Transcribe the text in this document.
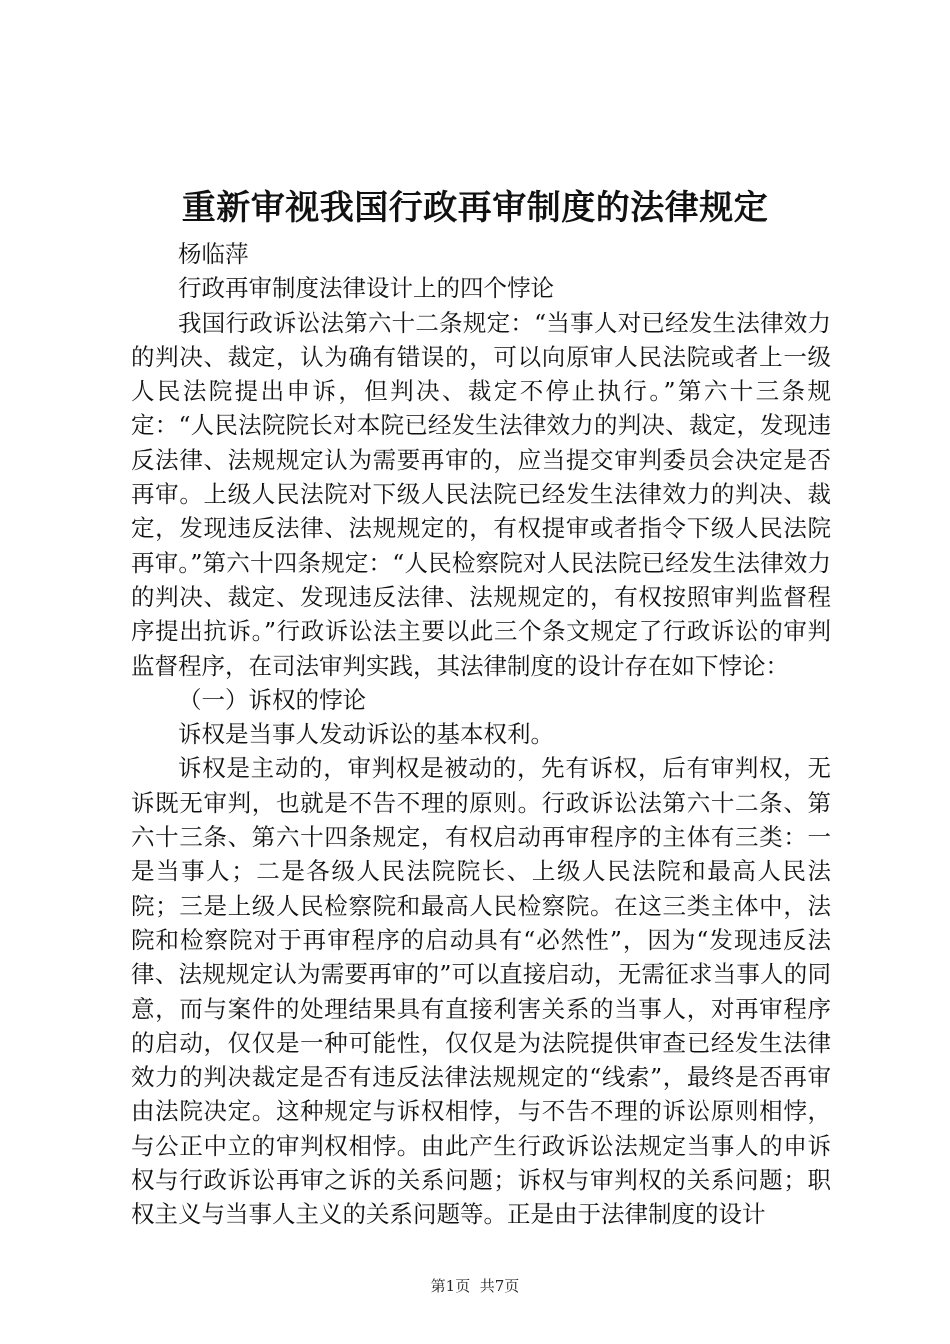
重新审视我国行政再审制度的法律规定

杨临萍

行政再审制度法律设计上的四个悖论

我国行政诉讼法第六十二条规定：“当事人对已经发生法律效力的判决、裁定，认为确有错误的，可以向原审人民法院或者上一级人民法院提出申诉，但判决、裁定不停止执行。”第六十三条规定：“人民法院院长对本院已经发生法律效力的判决、裁定，发现违反法律、法规规定认为需要再审的，应当提交审判委员会决定是否再审。上级人民法院对下级人民法院已经发生法律效力的判决、裁定，发现违反法律、法规规定的，有权提审或者指令下级人民法院再审。”第六十四条规定：“人民检察院对人民法院已经发生法律效力的判决、裁定、发现违反法律、法规规定的，有权按照审判监督程序提出抗诉。”行政诉讼法主要以此三个条文规定了行政诉讼的审判监督程序，在司法审判实践，其法律制度的设计存在如下悖论：

（一）诉权的悖论

诉权是当事人发动诉讼的基本权利。

诉权是主动的，审判权是被动的，先有诉权，后有审判权，无诉既无审判，也就是不告不理的原则。行政诉讼法第六十二条、第六十三条、第六十四条规定，有权启动再审程序的主体有三类：一是当事人；二是各级人民法院院长、上级人民法院和最高人民法院；三是上级人民检察院和最高人民检察院。在这三类主体中，法院和检察院对于再审程序的启动具有“必然性”，因为“发现违反法律、法规规定认为需要再审的”可以直接启动，无需征求当事人的同意，而与案件的处理结果具有直接利害关系的当事人，对再审程序的启动，仅仅是一种可能性，仅仅是为法院提供审查已经发生法律效力的判决裁定是否有违反法律法规规定的“线索”，最终是否再审由法院决定。这种规定与诉权相悖，与不告不理的诉讼原则相悖，与公正中立的审判权相悖。由此产生行政诉讼法规定当事人的申诉权与行政诉讼再审之诉的关系问题；诉权与审判权的关系问题；职权主义与当事人主义的关系问题等。正是由于法律制度的设计

第1页 共7页
